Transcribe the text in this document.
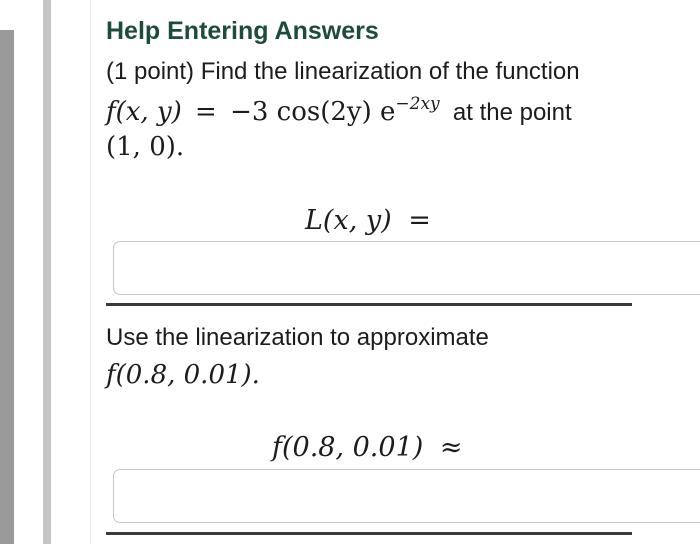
Help Entering Answers
(1 point) Find the linearization of the function
f(x, y) = −3 cos(2y) $e^{-2xy}$ at the point
(1, 0).
L(x, y) =
Use the linearization to approximate
f(0.8, 0.01).
f(0.8, 0.01) ≈
